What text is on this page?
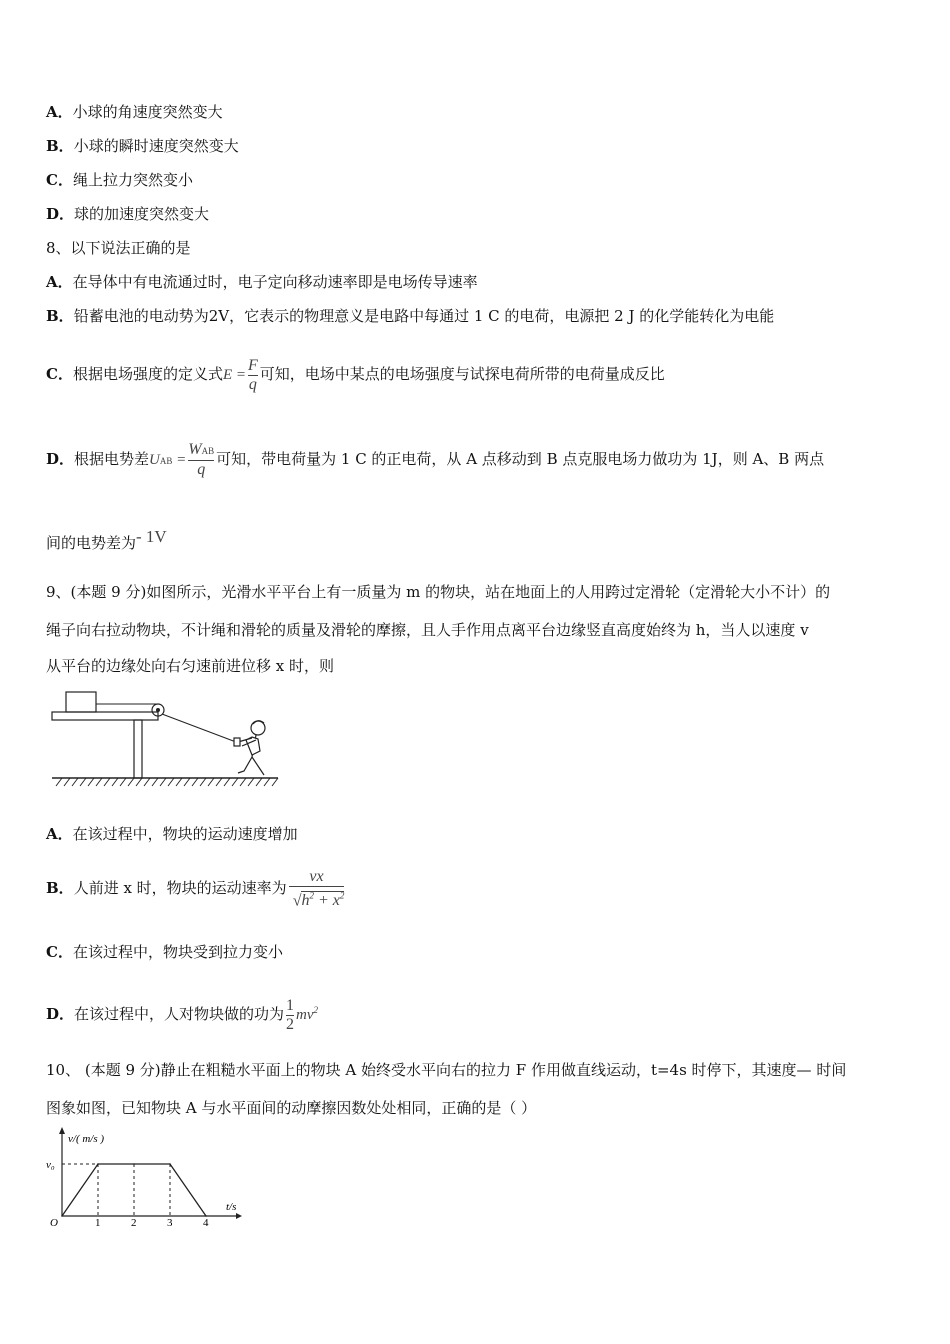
A．小球的角速度突然变大
B．小球的瞬时速度突然变大
C．绳上拉力突然变小
D．球的加速度突然变大
8、以下说法正确的是
A．在导体中有电流通过时，电子定向移动速率即是电场传导速率
B．铅蓄电池的电动势为2V，它表示的物理意义是电路中每通过 1 C 的电荷，电源把 2 J 的化学能转化为电能
C．根据电场强度的定义式$E = \frac{F}{q}$ 可知，电场中某点的电场强度与试探电荷所带的电荷量成反比
D．根据电势差UAB = $\frac{\text{WAB}}{q}$ 可知，带电荷量为 1 C 的正电荷，从 A 点移动到 B 点克服电场力做功为 1J，则 A、B 两点
间的电势差为- 1V
9、(本题 9 分)如图所示，光滑水平平台上有一质量为 m 的物块，站在地面上的人用跨过定滑轮（定滑轮大小不计）的
绳子向右拉动物块，不计绳和滑轮的质量及滑轮的摩擦，且人手作用点离平台边缘竖直高度始终为 h，当人以速度 v
从平台的边缘处向右匀速前进位移 x 时，则
A．在该过程中，物块的运动速度增加
B．人前进 x 时，物块的运动速率为 $\frac{vx}{√h^2 + x^2}$
C．在该过程中，物块受到拉力变小
D．在该过程中，人对物块做的功为 $\frac{1}{2} mv^2$
10、 (本题 9 分)静止在粗糙水平面上的物块 A 始终受水平向右的拉力 F 作用做直线运动，t=4s 时停下，其速度— 时间
图象如图，已知物块 A 与水平面间的动摩擦因数处处相同，正确的是（ ）
v/( m/s )
t/s
v₀
O	1	2	3	4
